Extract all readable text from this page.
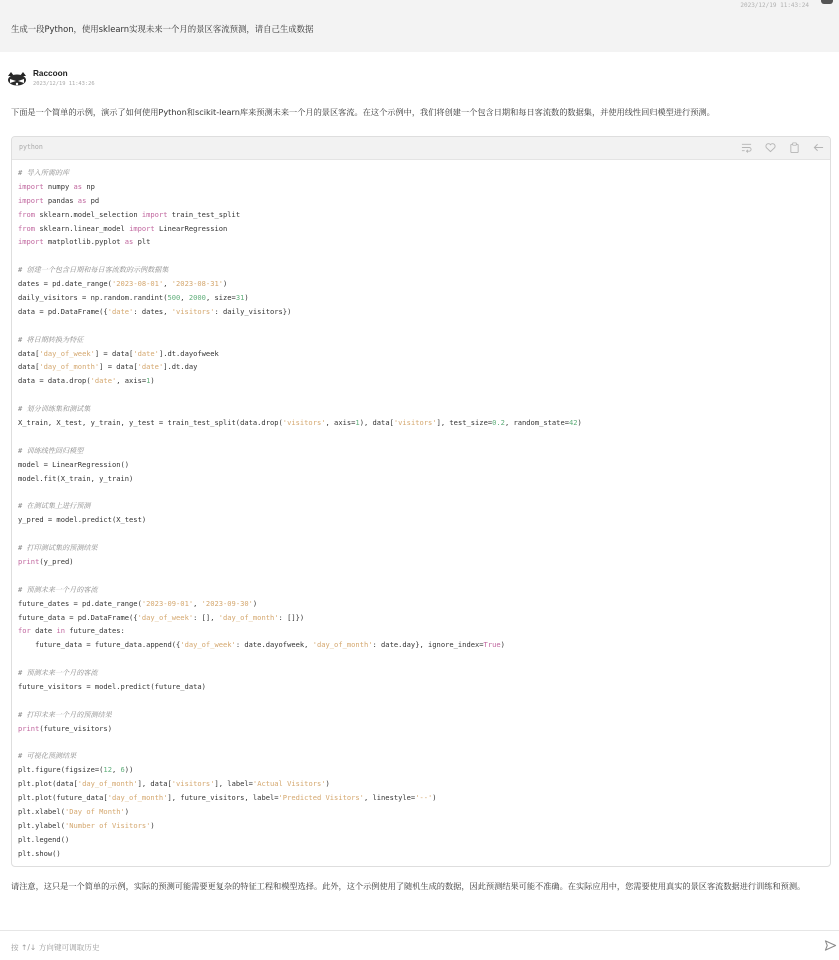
2023/12/19 11:43:24
生成一段Python，使用sklearn实现未来一个月的景区客流预测，请自己生成数据
Raccoon
2023/12/19 11:43:26
下面是一个简单的示例，演示了如何使用Python和scikit-learn库来预测未来一个月的景区客流。在这个示例中，我们将创建一个包含日期和每日客流数的数据集，并使用线性回归模型进行预测。
python

# 导入所需的库
import numpy as np
import pandas as pd
from sklearn.model_selection import train_test_split
from sklearn.linear_model import LinearRegression
import matplotlib.pyplot as plt
# 创建一个包含日期和每日客流数的示例数据集
dates = pd.date_range('2023-08-01', '2023-08-31')
daily_visitors = np.random.randint(500, 2000, size=31)
data = pd.DataFrame({'date': dates, 'visitors': daily_visitors})
# 将日期转换为特征
data['day_of_week'] = data['date'].dt.dayofweek
data['day_of_month'] = data['date'].dt.day
data = data.drop('date', axis=1)
# 划分训练集和测试集
X_train, X_test, y_train, y_test = train_test_split(data.drop('visitors', axis=1), data['visitors'], test_size=0.2, random_state=42)
# 训练线性回归模型
model = LinearRegression()
model.fit(X_train, y_train)
# 在测试集上进行预测
y_pred = model.predict(X_test)
# 打印测试集的预测结果
print(y_pred)
# 预测未来一个月的客流
future_dates = pd.date_range('2023-09-01', '2023-09-30')
future_data = pd.DataFrame({'day_of_week': [], 'day_of_month': []})
for date in future_dates:
future_data = future_data.append({'day_of_week': date.dayofweek, 'day_of_month': date.day}, ignore_index=True)
# 预测未来一个月的客流
future_visitors = model.predict(future_data)
# 打印未来一个月的预测结果
print(future_visitors)
# 可视化预测结果
plt.figure(figsize=(12, 6))
plt.plot(data['day_of_month'], data['visitors'], label='Actual Visitors')
plt.plot(future_data['day_of_month'], future_visitors, label='Predicted Visitors', linestyle='--')
plt.xlabel('Day of Month')
plt.ylabel('Number of Visitors')
plt.legend()
plt.show()
请注意，这只是一个简单的示例，实际的预测可能需要更复杂的特征工程和模型选择。此外，这个示例使用了随机生成的数据，因此预测结果可能不准确。在实际应用中，您需要使用真实的景区客流数据进行训练和预测。
按 ↑/↓ 方向键可调取历史
